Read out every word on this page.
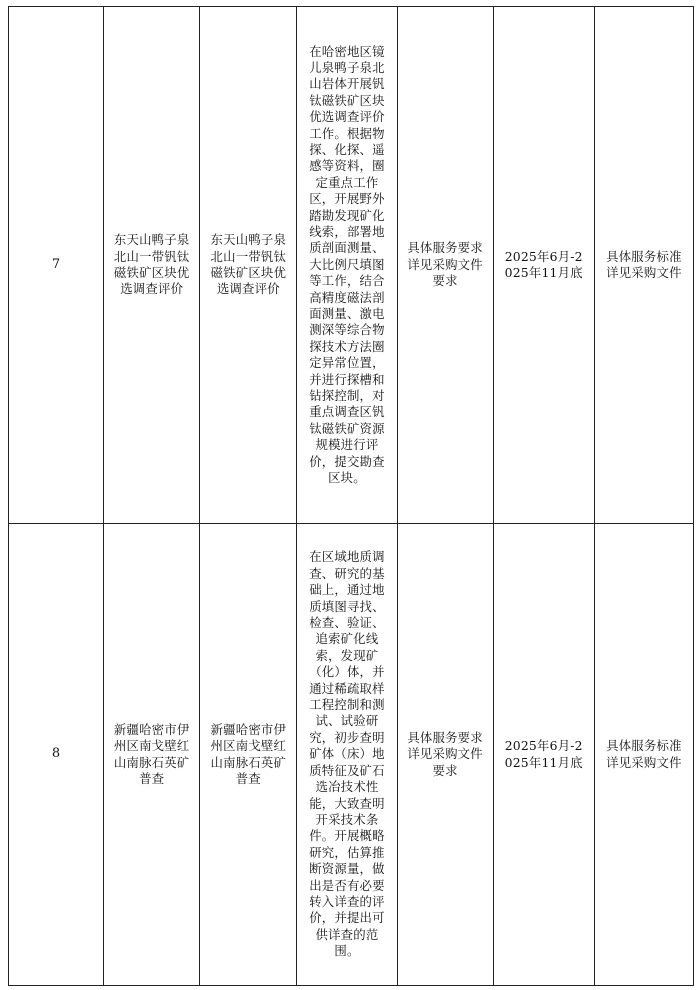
7	东天山鸭子泉北山一带钒钛磁铁矿区块优选调查评价	东天山鸭子泉北山一带钒钛磁铁矿区块优选调查评价	在哈密地区镜儿泉鸭子泉北山岩体开展钒钛磁铁矿区块优选调查评价工作。根据物探、化探、遥感等资料，圈定重点工作区，开展野外踏勘发现矿化线索，部署地质剖面测量、大比例尺填图等工作，结合高精度磁法剖面测量、激电测深等综合物探技术方法圈定异常位置，并进行探槽和钻探控制，对重点调查区钒钛磁铁矿资源规模进行评价，提交勘查区块。	具体服务要求详见采购文件要求	2025年6月-2025年11月底	具体服务标准详见采购文件

8	新疆哈密市伊州区南戈壁红山南脉石英矿普查	新疆哈密市伊州区南戈壁红山南脉石英矿普查	在区域地质调查、研究的基础上，通过地质填图寻找、检查、验证、追索矿化线索，发现矿（化）体，并通过稀疏取样工程控制和测试、试验研究，初步查明矿体（床）地质特征及矿石选冶技术性能，大致查明开采技术条件。开展概略研究，估算推断资源量，做出是否有必要转入详查的评价，并提出可供详查的范围。	具体服务要求详见采购文件要求	2025年6月-2025年11月底	具体服务标准详见采购文件
